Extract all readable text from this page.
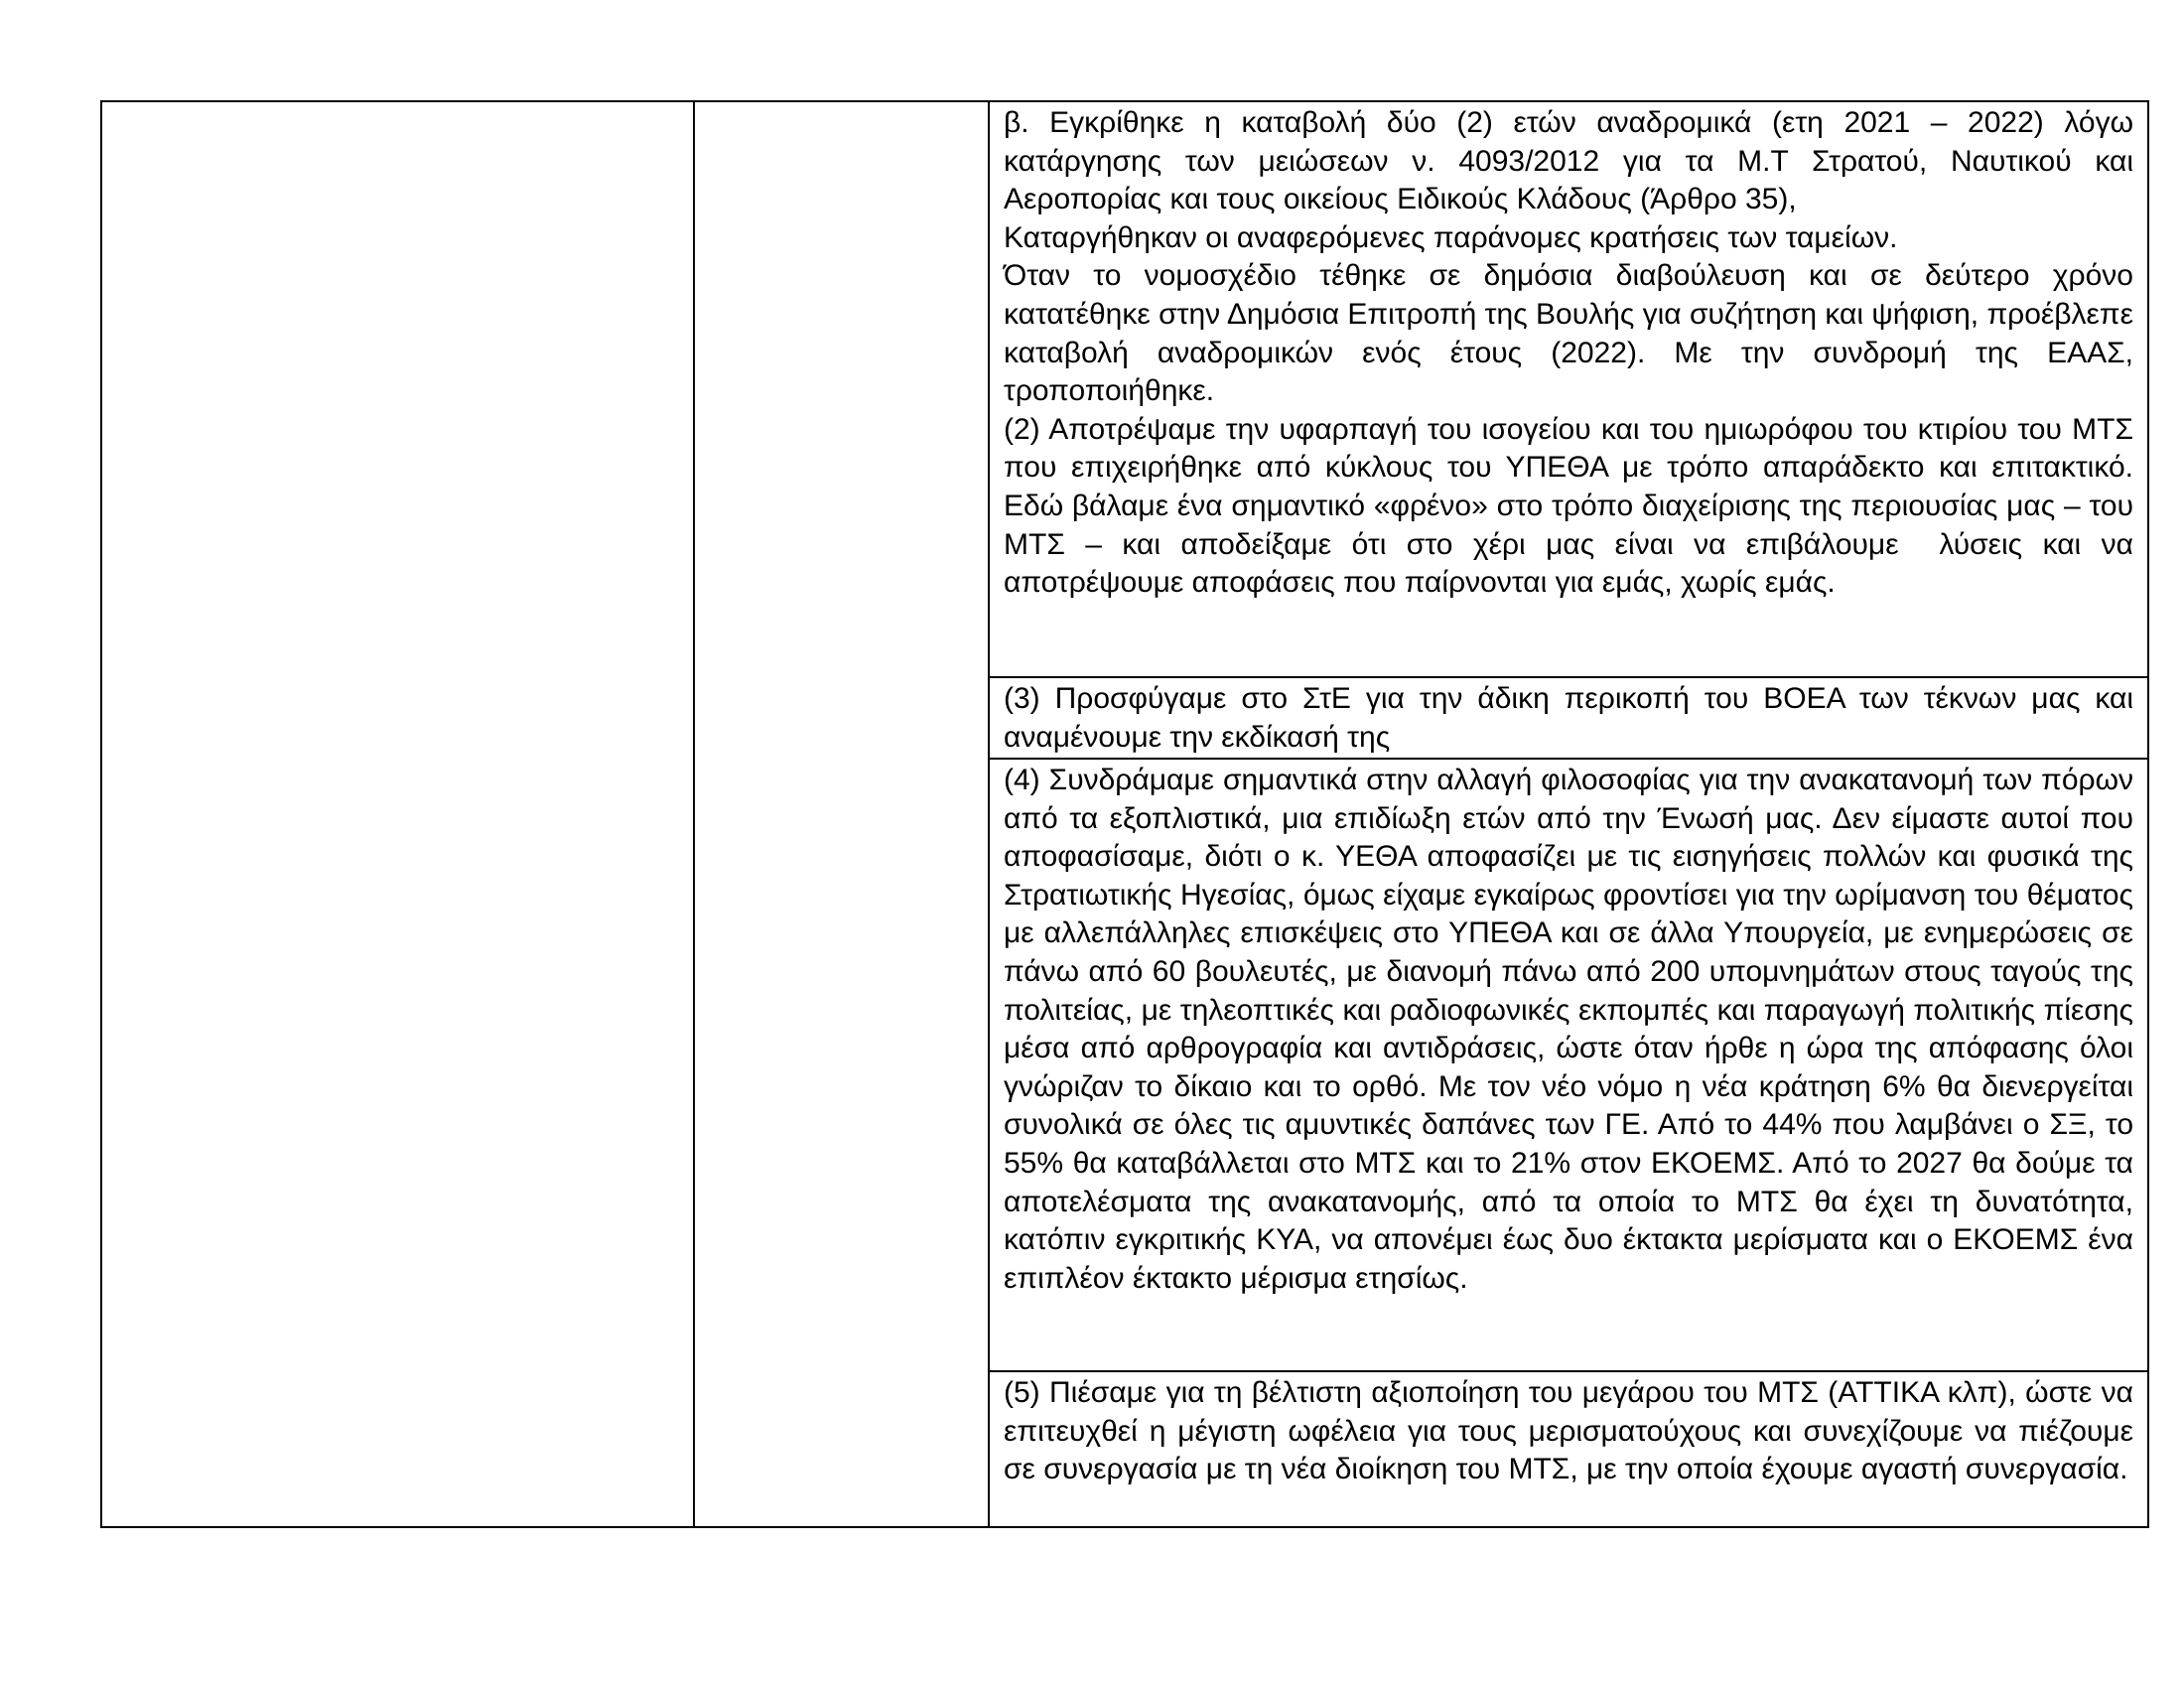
β. Εγκρίθηκε η καταβολή δύο (2) ετών αναδρομικά (ετη 2021 – 2022) λόγω κατάργησης των μειώσεων ν. 4093/2012 για τα Μ.Τ Στρατού, Ναυτικού και Αεροπορίας και τους οικείους Ειδικούς Κλάδους (Άρθρο 35),

Καταργήθηκαν οι αναφερόμενες παράνομες κρατήσεις των ταμείων.

Όταν το νομοσχέδιο τέθηκε σε δημόσια διαβούλευση και σε δεύτερο χρόνο κατατέθηκε στην Δημόσια Επιτροπή της Βουλής για συζήτηση και ψήφιση, προέβλεπε καταβολή αναδρομικών ενός έτους (2022). Με την συνδρομή της ΕΑΑΣ, τροποποιήθηκε.

(2) Αποτρέψαμε την υφαρπαγή του ισογείου και του ημιωρόφου του κτιρίου του ΜΤΣ που επιχειρήθηκε από κύκλους του ΥΠΕΘΑ με τρόπο απαράδεκτο και επιτακτικό. Εδώ βάλαμε ένα σημαντικό «φρένο» στο τρόπο διαχείρισης της περιουσίας μας – του ΜΤΣ – και αποδείξαμε ότι στο χέρι μας είναι να επιβάλουμε  λύσεις και να αποτρέψουμε αποφάσεις που παίρνονται για εμάς, χωρίς εμάς.

(3) Προσφύγαμε στο ΣτΕ για την άδικη περικοπή του ΒΟΕΑ των τέκνων μας και αναμένουμε την εκδίκασή της

(4) Συνδράμαμε σημαντικά στην αλλαγή φιλοσοφίας για την ανακατανομή των πόρων από τα εξοπλιστικά, μια επιδίωξη ετών από την Ένωσή μας. Δεν είμαστε αυτοί που αποφασίσαμε, διότι ο κ. ΥΕΘΑ αποφασίζει με τις εισηγήσεις πολλών και φυσικά της Στρατιωτικής Ηγεσίας, όμως είχαμε εγκαίρως φροντίσει για την ωρίμανση του θέματος με αλλεπάλληλες επισκέψεις στο ΥΠΕΘΑ και σε άλλα Υπουργεία, με ενημερώσεις σε πάνω από 60 βουλευτές, με διανομή πάνω από 200 υπομνημάτων στους ταγούς της πολιτείας, με τηλεοπτικές και ραδιοφωνικές εκπομπές και παραγωγή πολιτικής πίεσης μέσα από αρθρογραφία και αντιδράσεις, ώστε όταν ήρθε η ώρα της απόφασης όλοι γνώριζαν το δίκαιο και το ορθό. Με τον νέο νόμο η νέα κράτηση 6% θα διενεργείται συνολικά σε όλες τις αμυντικές δαπάνες των ΓΕ. Από το 44% που λαμβάνει ο ΣΞ, το 55% θα καταβάλλεται στο ΜΤΣ και το 21% στον ΕΚΟΕΜΣ. Από το 2027 θα δούμε τα αποτελέσματα της ανακατανομής, από τα οποία το ΜΤΣ θα έχει τη δυνατότητα, κατόπιν εγκριτικής ΚΥΑ, να απονέμει έως δυο έκτακτα μερίσματα και ο ΕΚΟΕΜΣ ένα επιπλέον έκτακτο μέρισμα ετησίως.

(5) Πιέσαμε για τη βέλτιστη αξιοποίηση του μεγάρου του ΜΤΣ (ΑΤΤΙΚΑ κλπ), ώστε να επιτευχθεί η μέγιστη ωφέλεια για τους μερισματούχους και συνεχίζουμε να πιέζουμε σε συνεργασία με τη νέα διοίκηση του ΜΤΣ, με την οποία έχουμε αγαστή συνεργασία.
